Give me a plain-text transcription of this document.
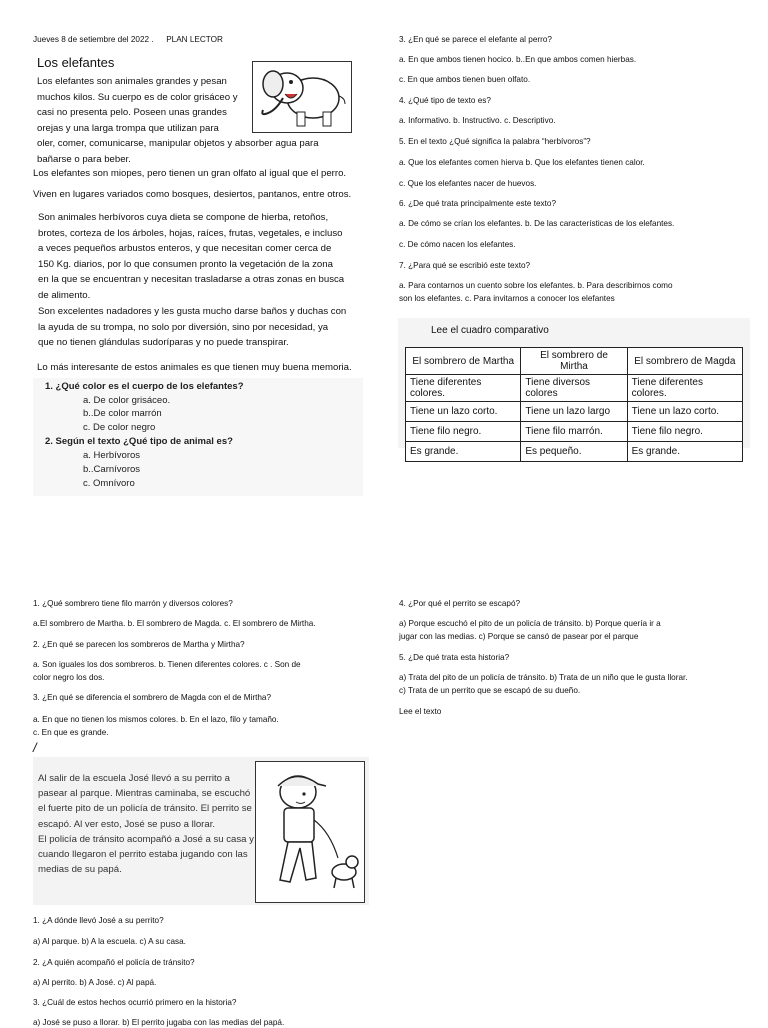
Jueves 8 de setiembre del 2022 . PLAN LECTOR
Los elefantes

Los elefantes son animales grandes y pesan

muchos kilos. Su cuerpo es de color grisáceo y

casi no presenta pelo. Poseen unas grandes

orejas y una larga trompa que utilizan para

oler, comer, comunicarse, manipular objetos y absorber agua para

bañarse o para beber.

Los elefantes son miopes, pero tienen un gran olfato al igual que el perro.
Viven en lugares variados como bosques, desiertos, pantanos, entre otros.

Son animales herbívoros cuya dieta se compone de hierba, retoños,

brotes, corteza de los árboles, hojas, raíces, frutas, vegetales, e incluso

a veces pequeños arbustos enteros, y que necesitan comer cerca de

150 Kg. diarios, por lo que consumen pronto la vegetación de la zona

en la que se encuentran y necesitan trasladarse a otras zonas en busca

de alimento.

Son excelentes nadadores y les gusta mucho darse baños y duchas con

la ayuda de su trompa, no solo por diversión, sino por necesidad, ya

que no tienen glándulas sudoríparas y no puede transpirar.

Lo más interesante de estos animales es que tienen muy buena memoria.
1. ¿Qué color es el cuerpo de los elefantes?
a. De color grisáceo.
b..De color marrón
c. De color negro
2. Según el texto ¿Qué tipo de animal es?
a. Herbívoros
b..Carnívoros
c. Omnívoro
3. ¿En qué se parece el elefante al perro?
a. En que ambos tienen hocico. b..En que ambos comen hierbas.
c. En que ambos tienen buen olfato.
4. ¿Qué tipo de texto es?
a. Informativo. b. Instructivo. c. Descriptivo.
5. En el texto ¿Qué significa la palabra “herbívoros”?
a. Que los elefantes comen hierva b. Que los elefantes tienen calor.
c. Que los elefantes nacer de huevos.
6. ¿De qué trata principalmente este texto?
a. De cómo se crían los elefantes. b. De las características de los elefantes.
c. De cómo nacen los elefantes.
7. ¿Para qué se escribió este texto?
a. Para contarnos un cuento sobre los elefantes. b. Para describirnos como
son los elefantes. c. Para invitarnos a conocer los elefantes
Lee el cuadro comparativo
El sombrero de Martha	El sombrero de Mirtha	El sombrero de Magda
Tiene diferentes colores.	Tiene diversos colores	Tiene diferentes colores.
Tiene un lazo corto.	Tiene un lazo largo	Tiene un lazo corto.
Tiene filo negro.	Tiene filo marrón.	Tiene filo negro.
Es grande.	Es pequeño.	Es grande.
1. ¿Qué sombrero tiene filo marrón y diversos colores?
a.El sombrero de Martha. b. El sombrero de Magda. c. El sombrero de Mirtha.
2. ¿En qué se parecen los sombreros de Martha y Mirtha?
a. Son iguales los dos sombreros. b. Tienen diferentes colores. c . Son de
color negro los dos.
3. ¿En qué se diferencia el sombrero de Magda con el de Mirtha?
a. En que no tienen los mismos colores. b. En el lazo, filo y tamaño.
c. En que es grande.
/
Al salir de la escuela José llevó a su perrito a
pasear al parque. Mientras caminaba, se escuchó
el fuerte pito de un policía de tránsito. El perrito se
escapó. Al ver esto, José se puso a llorar.
El policía de tránsito acompañó a José a su casa y
cuando llegaron el perrito estaba jugando con las
medias de su papá.
1. ¿A dónde llevó José a su perrito?
a) Al parque. b) A la escuela. c) A su casa.
2. ¿A quién acompañó el policía de tránsito?
a) Al perrito. b) A José. c) Al papá.
3. ¿Cuál de estos hechos ocurrió primero en la historia?
a) José se puso a llorar. b) El perrito jugaba con las medias del papá.
4. ¿Por qué el perrito se escapó?
a) Porque escuchó el pito de un policía de tránsito. b) Porque quería ir a
jugar con las medias. c) Porque se cansó de pasear por el parque
5. ¿De qué trata esta historia?
a) Trata del pito de un policía de tránsito. b) Trata de un niño que le gusta llorar.
c) Trata de un perrito que se escapó de su dueño.
Lee el texto
